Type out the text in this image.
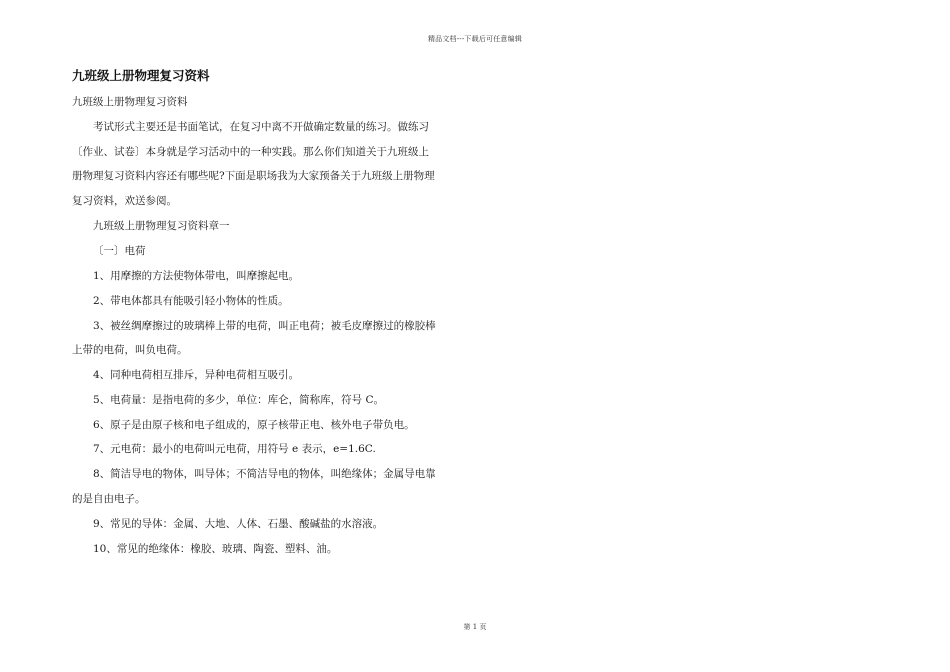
精品文档---下载后可任意编辑
九班级上册物理复习资料
九班级上册物理复习资料
考试形式主要还是书面笔试，在复习中离不开做确定数量的练习。做练习
〔作业、试卷〕本身就是学习活动中的一种实践。那么你们知道关于九班级上
册物理复习资料内容还有哪些呢?下面是职场我为大家预备关于九班级上册物理
复习资料，欢送参阅。
九班级上册物理复习资料章一
〔一〕电荷
1、用摩擦的方法使物体带电，叫摩擦起电。
2、带电体都具有能吸引轻小物体的性质。
3、被丝绸摩擦过的玻璃棒上带的电荷，叫正电荷；被毛皮摩擦过的橡胶棒
上带的电荷，叫负电荷。
4、同种电荷相互排斥，异种电荷相互吸引。
5、电荷量：是指电荷的多少，单位：库仑，简称库，符号 C。
6、原子是由原子核和电子组成的，原子核带正电、核外电子带负电。
7、元电荷：最小的电荷叫元电荷，用符号 e 表示，e=1.6C.
8、简洁导电的物体，叫导体；不简洁导电的物体，叫绝缘体；金属导电靠
的是自由电子。
9、常见的导体：金属、大地、人体、石墨、酸碱盐的水溶液。
10、常见的绝缘体：橡胶、玻璃、陶瓷、塑料、油。
第 1 页
